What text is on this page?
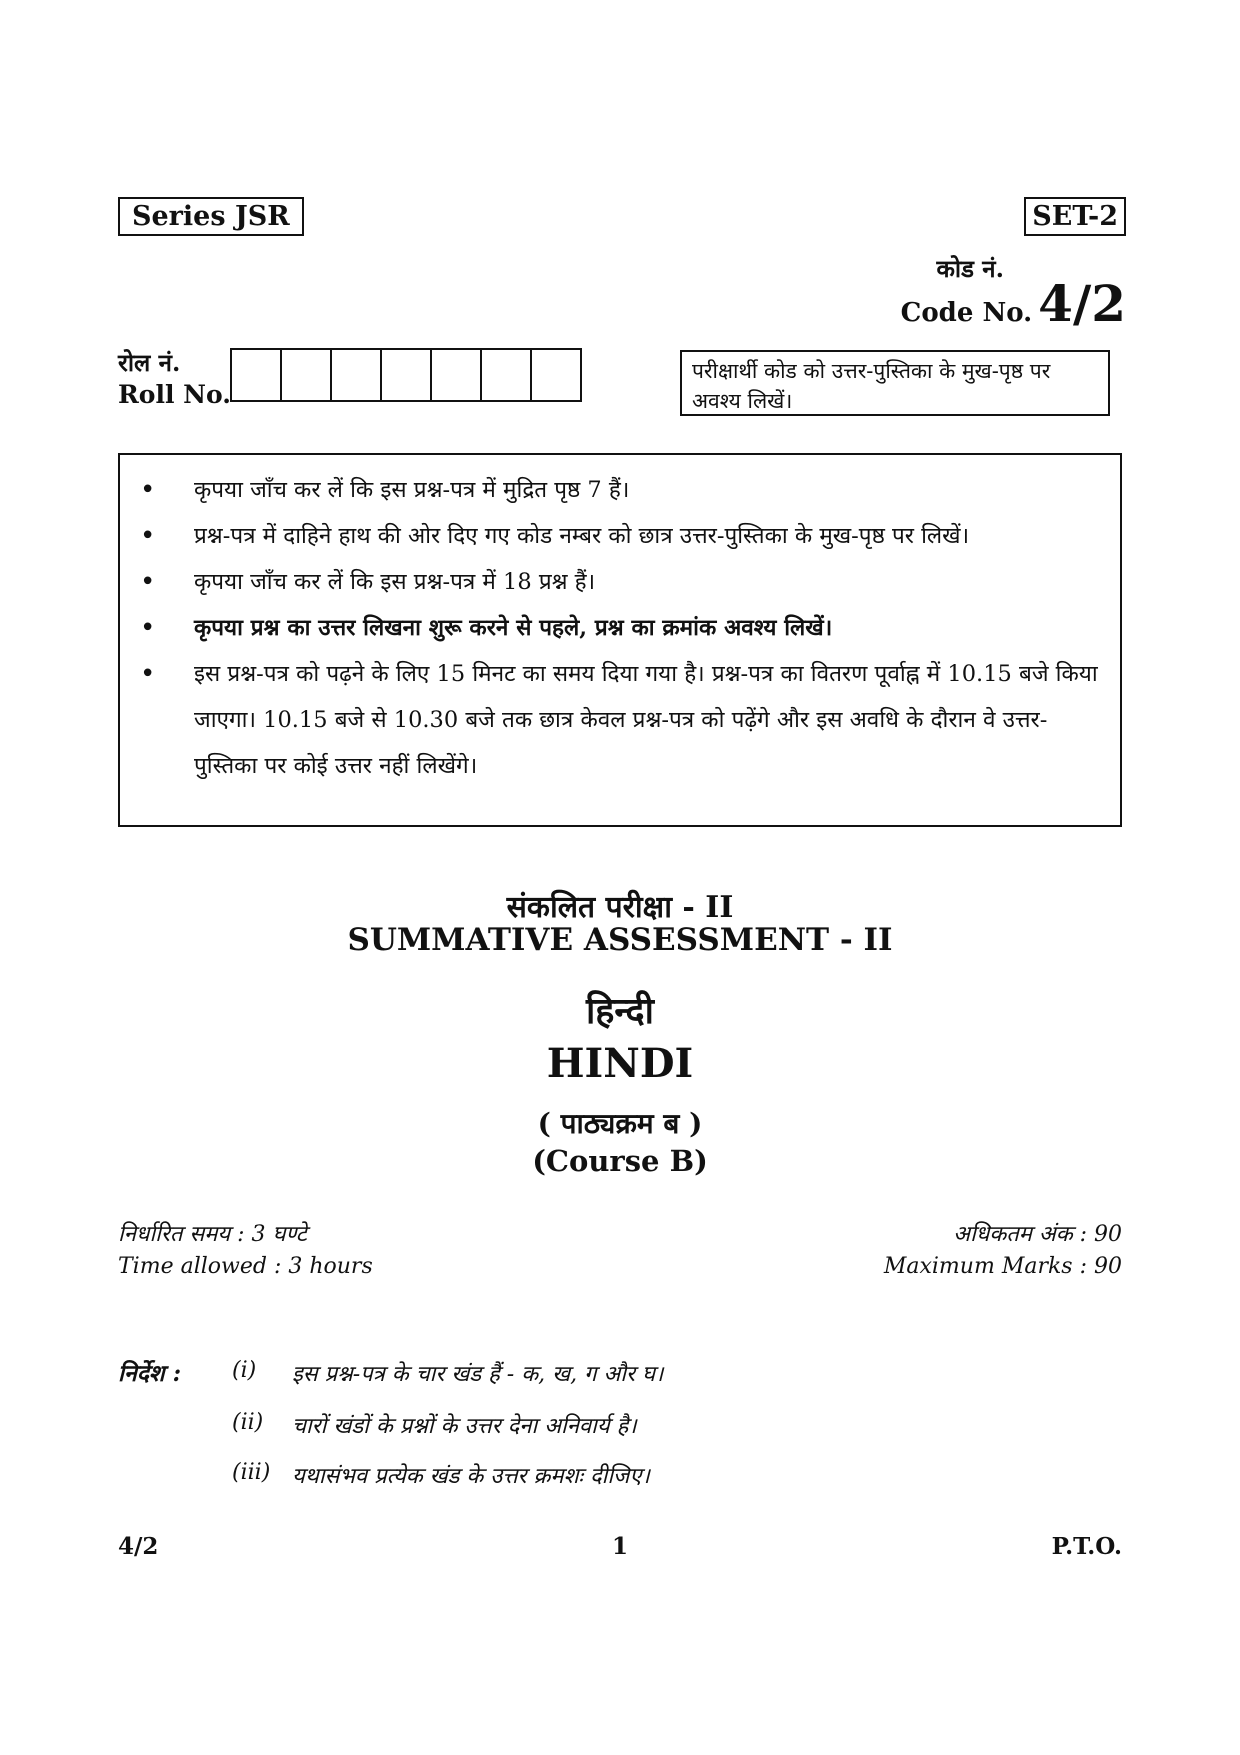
Series JSR	SET-2
कोड नं.
Code No. 4/2
रोल नं.
Roll No.
परीक्षार्थी कोड को उत्तर-पुस्तिका के मुख-पृष्ठ पर अवश्य लिखें।
•	कृपया जाँच कर लें कि इस प्रश्न-पत्र में मुद्रित पृष्ठ 7 हैं।
•	प्रश्न-पत्र में दाहिने हाथ की ओर दिए गए कोड नम्बर को छात्र उत्तर-पुस्तिका के मुख-पृष्ठ पर लिखें।
•	कृपया जाँच कर लें कि इस प्रश्न-पत्र में 18 प्रश्न हैं।
•	कृपया प्रश्न का उत्तर लिखना शुरू करने से पहले, प्रश्न का क्रमांक अवश्य लिखें।
•	इस प्रश्न-पत्र को पढ़ने के लिए 15 मिनट का समय दिया गया है। प्रश्न-पत्र का वितरण पूर्वाह्न में 10.15 बजे किया जाएगा। 10.15 बजे से 10.30 बजे तक छात्र केवल प्रश्न-पत्र को पढ़ेंगे और इस अवधि के दौरान वे उत्तर-पुस्तिका पर कोई उत्तर नहीं लिखेंगे।
संकलित परीक्षा - II
SUMMATIVE ASSESSMENT - II
हिन्दी
HINDI
( पाठ्यक्रम ब )
(Course B)
निर्धारित समय : 3 घण्टे
Time allowed : 3 hours
अधिकतम अंक : 90
Maximum Marks : 90
निर्देश : (i)	इस प्रश्न-पत्र के चार खंड हैं - क, ख, ग और घ।
(ii)	चारों खंडों के प्रश्नों के उत्तर देना अनिवार्य है।
(iii) यथासंभव प्रत्येक खंड के उत्तर क्रमशः दीजिए।
4/2	1	P.T.O.
